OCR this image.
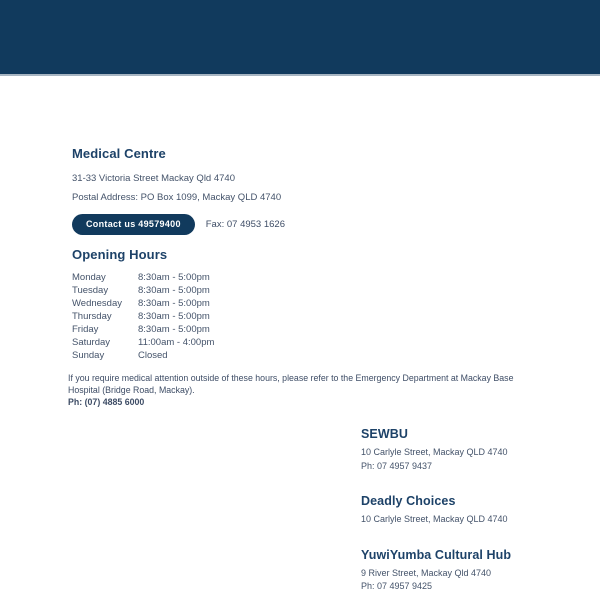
Medical Centre
31-33 Victoria Street Mackay Qld 4740
Postal Address: PO Box 1099, Mackay QLD 4740
Contact us 49579400	Fax: 07 4953 1626
Opening Hours
Monday	8:30am - 5:00pm
Tuesday	8:30am - 5:00pm
Wednesday	8:30am - 5:00pm
Thursday	8:30am - 5:00pm
Friday	8:30am - 5:00pm
Saturday	11:00am - 4:00pm
Sunday	Closed
If you require medical attention outside of these hours, please refer to the Emergency Department at Mackay Base Hospital (Bridge Road, Mackay).
Ph: (07) 4885 6000
SEWBU
10 Carlyle Street, Mackay QLD 4740
Ph: 07 4957 9437
Deadly Choices
10 Carlyle Street, Mackay QLD 4740
YuwiYumba Cultural Hub
9 River Street, Mackay Qld 4740
Ph: 07 4957 9425
